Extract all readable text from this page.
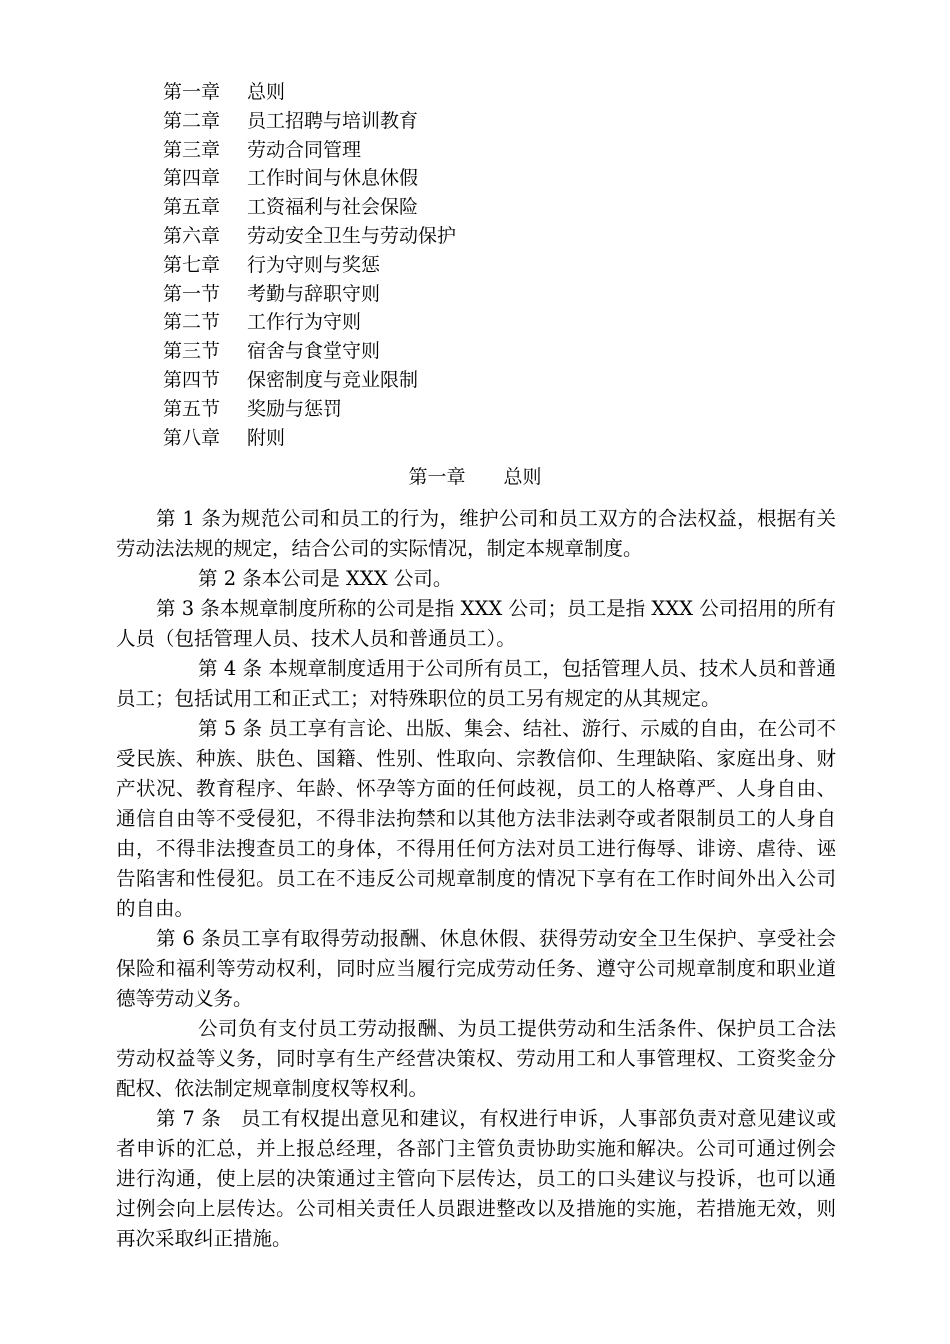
第一章 总则
第二章 员工招聘与培训教育
第三章 劳动合同管理
第四章 工作时间与休息休假
第五章 工资福利与社会保险
第六章 劳动安全卫生与劳动保护
第七章 行为守则与奖惩
第一节 考勤与辞职守则
第二节 工作行为守则
第三节 宿舍与食堂守则
第四节 保密制度与竞业限制
第五节 奖励与惩罚
第八章 附则
第一章 总则

第 1 条为规范公司和员工的行为，维护公司和员工双方的合法权益，根据有关劳动法法规的规定，结合公司的实际情况，制定本规章制度。

第 2 条本公司是 XXX 公司。

第 3 条本规章制度所称的公司是指 XXX 公司；员工是指 XXX 公司招用的所有人员（包括管理人员、技术人员和普通员工）。

第 4 条 本规章制度适用于公司所有员工，包括管理人员、技术人员和普通员工；包括试用工和正式工；对特殊职位的员工另有规定的从其规定。

第 5 条 员工享有言论、出版、集会、结社、游行、示威的自由，在公司不受民族、种族、肤色、国籍、性别、性取向、宗教信仰、生理缺陷、家庭出身、财产状况、教育程序、年龄、怀孕等方面的任何歧视，员工的人格尊严、人身自由、通信自由等不受侵犯，不得非法拘禁和以其他方法非法剥夺或者限制员工的人身自由，不得非法搜查员工的身体，不得用任何方法对员工进行侮辱、诽谤、虐待、诬告陷害和性侵犯。员工在不违反公司规章制度的情况下享有在工作时间外出入公司的自由。

第 6 条员工享有取得劳动报酬、休息休假、获得劳动安全卫生保护、享受社会保险和福利等劳动权利，同时应当履行完成劳动任务、遵守公司规章制度和职业道德等劳动义务。

公司负有支付员工劳动报酬、为员工提供劳动和生活条件、保护员工合法劳动权益等义务，同时享有生产经营决策权、劳动用工和人事管理权、工资奖金分配权、依法制定规章制度权等权利。

第 7 条　员工有权提出意见和建议，有权进行申诉，人事部负责对意见建议或者申诉的汇总，并上报总经理，各部门主管负责协助实施和解决。公司可通过例会进行沟通，使上层的决策通过主管向下层传达，员工的口头建议与投诉，也可以通过例会向上层传达。公司相关责任人员跟进整改以及措施的实施，若措施无效，则再次采取纠正措施。
